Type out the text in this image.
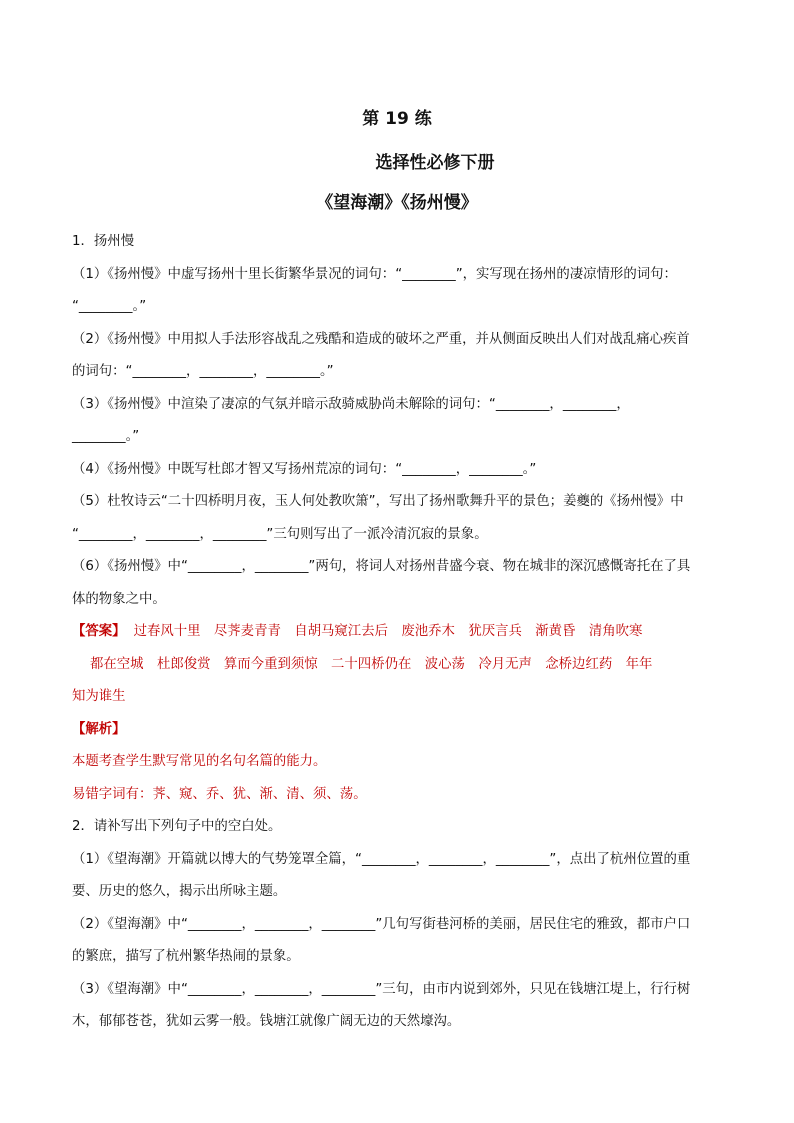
第 19 练
选择性必修下册
《望海潮》《扬州慢》
1．扬州慢
（1）《扬州慢》中虚写扬州十里长街繁华景况的词句：“________”，实写现在扬州的凄凉情形的词句：
“________。”
（2）《扬州慢》中用拟人手法形容战乱之残酷和造成的破坏之严重，并从侧面反映出人们对战乱痛心疾首
的词句：“________，________，________。”
（3）《扬州慢》中渲染了凄凉的气氛并暗示敌骑威胁尚未解除的词句：“________，________，
________。”
（4）《扬州慢》中既写杜郎才智又写扬州荒凉的词句：“________，________。”
（5）杜牧诗云“二十四桥明月夜，玉人何处教吹箫”，写出了扬州歌舞升平的景色；姜夔的《扬州慢》中
“________，________，________”三句则写出了一派冷清沉寂的景象。
（6）《扬州慢》中“________，________”两句，将词人对扬州昔盛今衰、物在城非的深沉感慨寄托在了具
体的物象之中。
【答案】 过春风十里　尽荠麦青青　自胡马窥江去后　废池乔木　犹厌言兵　渐黄昏　清角吹寒
都在空城　杜郎俊赏　算而今重到须惊　二十四桥仍在　波心荡　冷月无声　念桥边红药　年年
知为谁生
【解析】
本题考查学生默写常见的名句名篇的能力。
易错字词有：荠、窥、乔、犹、渐、清、须、荡。
2．请补写出下列句子中的空白处。
（1）《望海潮》开篇就以博大的气势笼罩全篇，“________，________，________”，点出了杭州位置的重
要、历史的悠久，揭示出所咏主题。
（2）《望海潮》中“________，________，________”几句写街巷河桥的美丽，居民住宅的雅致，都市户口
的繁庶，描写了杭州繁华热闹的景象。
（3）《望海潮》中“________，________，________”三句，由市内说到郊外，只见在钱塘江堤上，行行树
木，郁郁苍苍，犹如云雾一般。钱塘江就像广阔无边的天然壕沟。
